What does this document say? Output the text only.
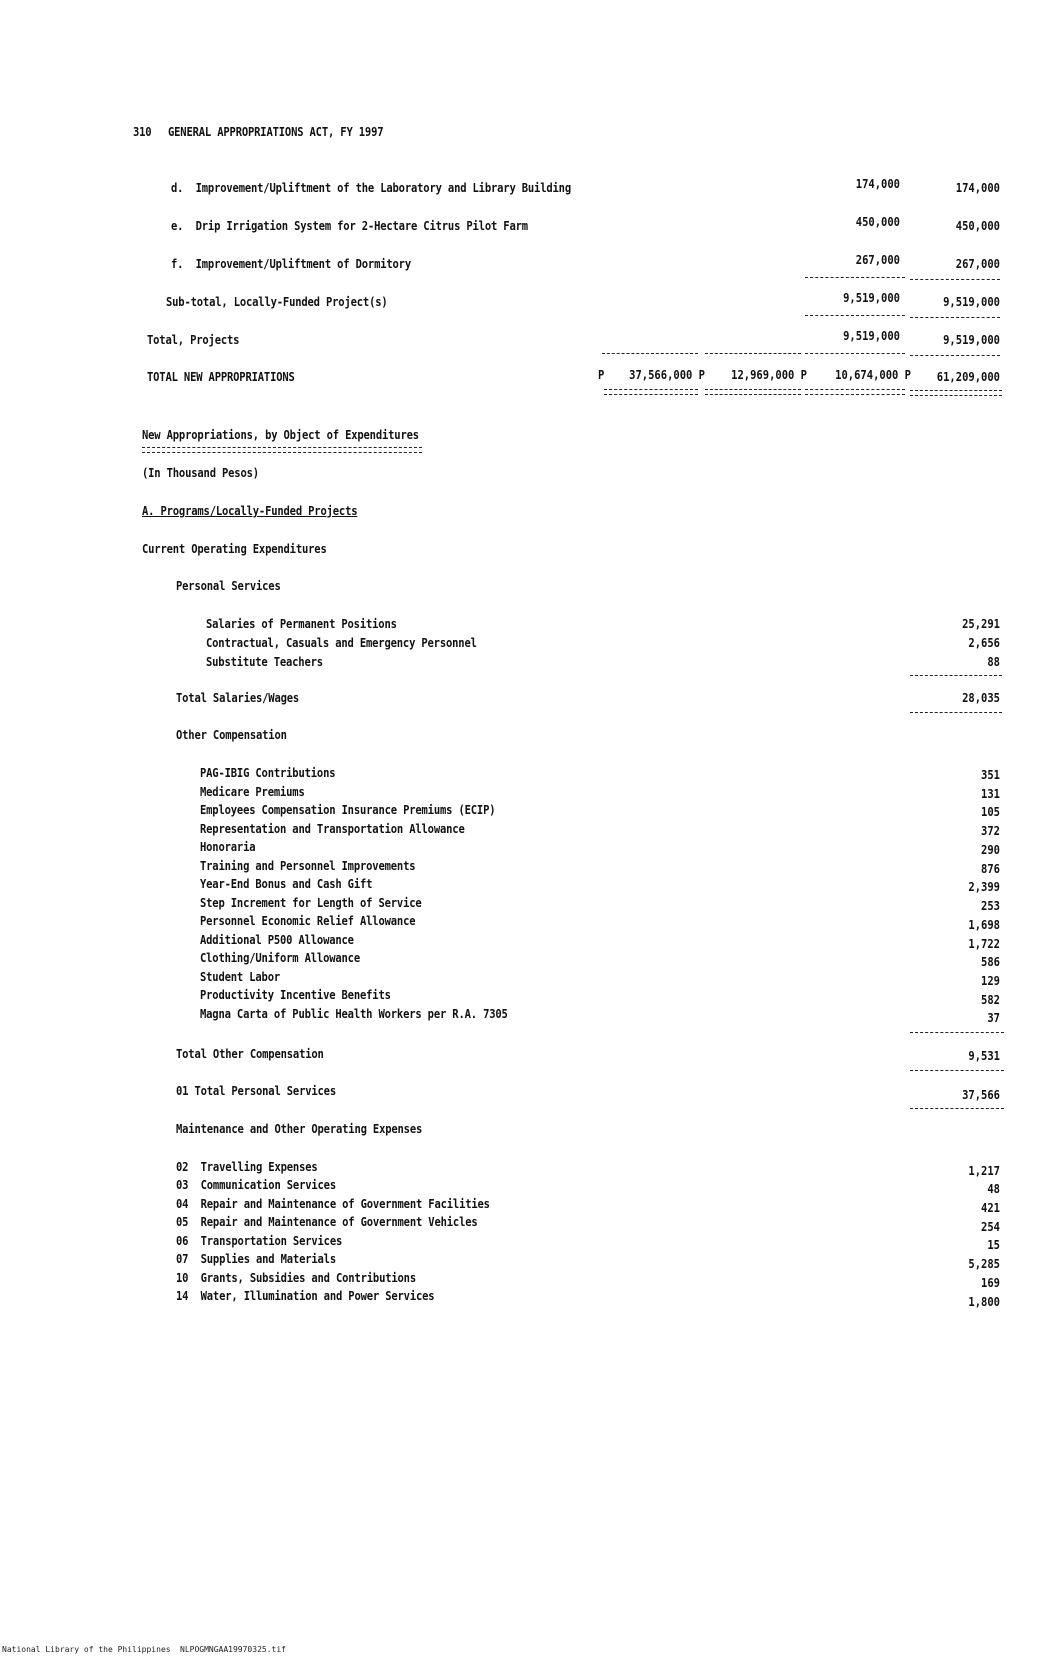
310 GENERAL APPROPRIATIONS ACT, FY 1997
d.  Improvement/Upliftment of the Laboratory and Library Building	174,000	174,000
e.  Drip Irrigation System for 2-Hectare Citrus Pilot Farm	450,000	450,000
f.  Improvement/Upliftment of Dormitory	267,000	267,000
Sub-total, Locally-Funded Project(s)	9,519,000	9,519,000
Total, Projects	9,519,000	9,519,000
TOTAL NEW APPROPRIATIONS	P	37,566,000 P	12,969,000 P	10,674,000 P	61,209,000
New Appropriations, by Object of Expenditures
(In Thousand Pesos)
A. Programs/Locally-Funded Projects
Current Operating Expenditures
Personal Services
Salaries of Permanent Positions	25,291
Contractual, Casuals and Emergency Personnel	2,656
Substitute Teachers	88
Total Salaries/Wages	28,035
Other Compensation
PAG-IBIG Contributions	351
Medicare Premiums	131
Employees Compensation Insurance Premiums (ECIP)	105
Representation and Transportation Allowance	372
Honoraria	290
Training and Personnel Improvements	876
Year-End Bonus and Cash Gift	2,399
Step Increment for Length of Service	253
Personnel Economic Relief Allowance	1,698
Additional P500 Allowance	1,722
Clothing/Uniform Allowance	586
Student Labor	129
Productivity Incentive Benefits	582
Magna Carta of Public Health Workers per R.A. 7305	37
Total Other Compensation	9,531
01 Total Personal Services	37,566
Maintenance and Other Operating Expenses
02  Travelling Expenses	1,217
03  Communication Services	48
04  Repair and Maintenance of Government Facilities	421
05  Repair and Maintenance of Government Vehicles	254
06  Transportation Services	15
07  Supplies and Materials	5,285
10  Grants, Subsidies and Contributions	169
14  Water, Illumination and Power Services	1,800
National Library of the Philippines NLPOGMNGAA19970325.tif
